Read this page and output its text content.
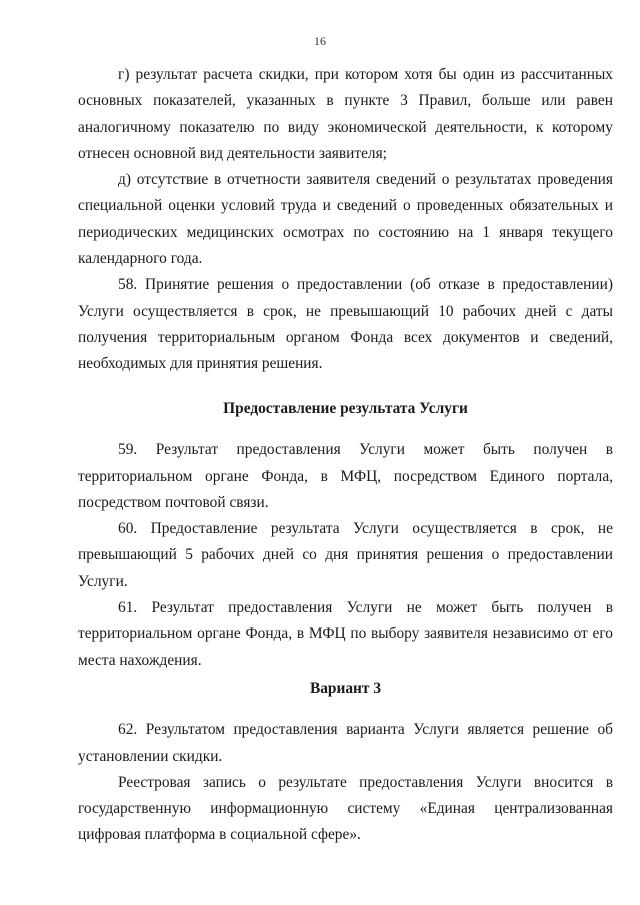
16

г) результат расчета скидки, при котором хотя бы один из рассчитанных основных показателей, указанных в пункте 3 Правил, больше или равен аналогичному показателю по виду экономической деятельности, к которому отнесен основной вид деятельности заявителя;

д) отсутствие в отчетности заявителя сведений о результатах проведения специальной оценки условий труда и сведений о проведенных обязательных и периодических медицинских осмотрах по состоянию на 1 января текущего календарного года.

58. Принятие решения о предоставлении (об отказе в предоставлении) Услуги осуществляется в срок, не превышающий 10 рабочих дней с даты получения территориальным органом Фонда всех документов и сведений, необходимых для принятия решения.

Предоставление результата Услуги

59. Результат предоставления Услуги может быть получен в территориальном органе Фонда, в МФЦ, посредством Единого портала, посредством почтовой связи.

60. Предоставление результата Услуги осуществляется в срок, не превышающий 5 рабочих дней со дня принятия решения о предоставлении Услуги.

61. Результат предоставления Услуги не может быть получен в территориальном органе Фонда, в МФЦ по выбору заявителя независимо от его места нахождения.

Вариант 3

62. Результатом предоставления варианта Услуги является решение об установлении скидки.

Реестровая запись о результате предоставления Услуги вносится в государственную информационную систему «Единая централизованная цифровая платформа в социальной сфере».
